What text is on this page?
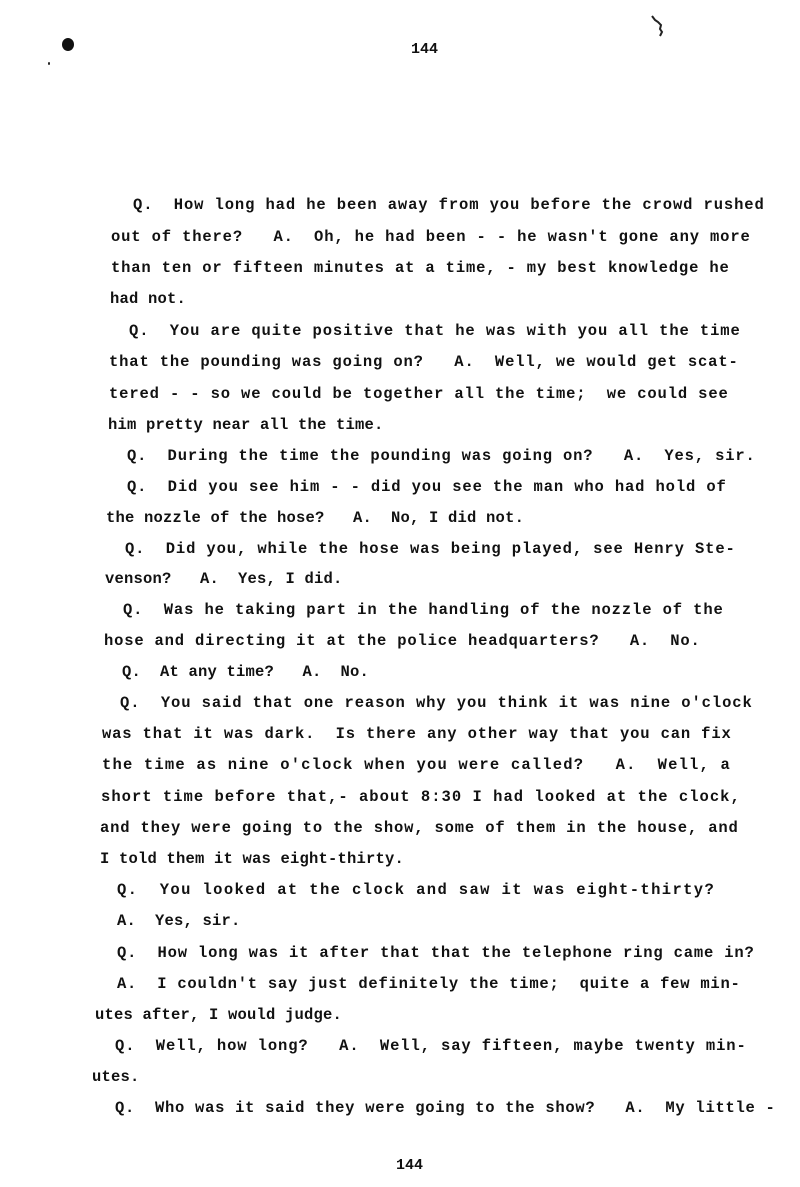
144
Q.  How long had he been away from you before the crowd rushed
out of there?   A.  Oh, he had been - - he wasn't gone any more
than ten or fifteen minutes at a time, - my best knowledge he
had not.
Q.  You are quite positive that he was with you all the time
that the pounding was going on?   A.  Well, we would get scat-
tered - - so we could be together all the time;  we could see
him pretty near all the time.
Q.  During the time the pounding was going on?   A.  Yes, sir.
Q.  Did you see him - - did you see the man who had hold of
the nozzle of the hose?   A.  No, I did not.
Q.  Did you, while the hose was being played, see Henry Ste-
venson?   A.  Yes, I did.
Q.  Was he taking part in the handling of the nozzle of the
hose and directing it at the police headquarters?   A.  No.
Q.  At any time?   A.  No.
Q.  You said that one reason why you think it was nine o'clock
was that it was dark.  Is there any other way that you can fix
the time as nine o'clock when you were called?   A.  Well, a
short time before that,- about 8:30 I had looked at the clock,
and they were going to the show, some of them in the house, and
I told them it was eight-thirty.
Q.  You looked at the clock and saw it was eight-thirty?
A.  Yes, sir.
Q.  How long was it after that that the telephone ring came in?
A.  I couldn't say just definitely the time;  quite a few min-
utes after, I would judge.
Q.  Well, how long?   A.  Well, say fifteen, maybe twenty min-
utes.
Q.  Who was it said they were going to the show?   A.  My little -
144
